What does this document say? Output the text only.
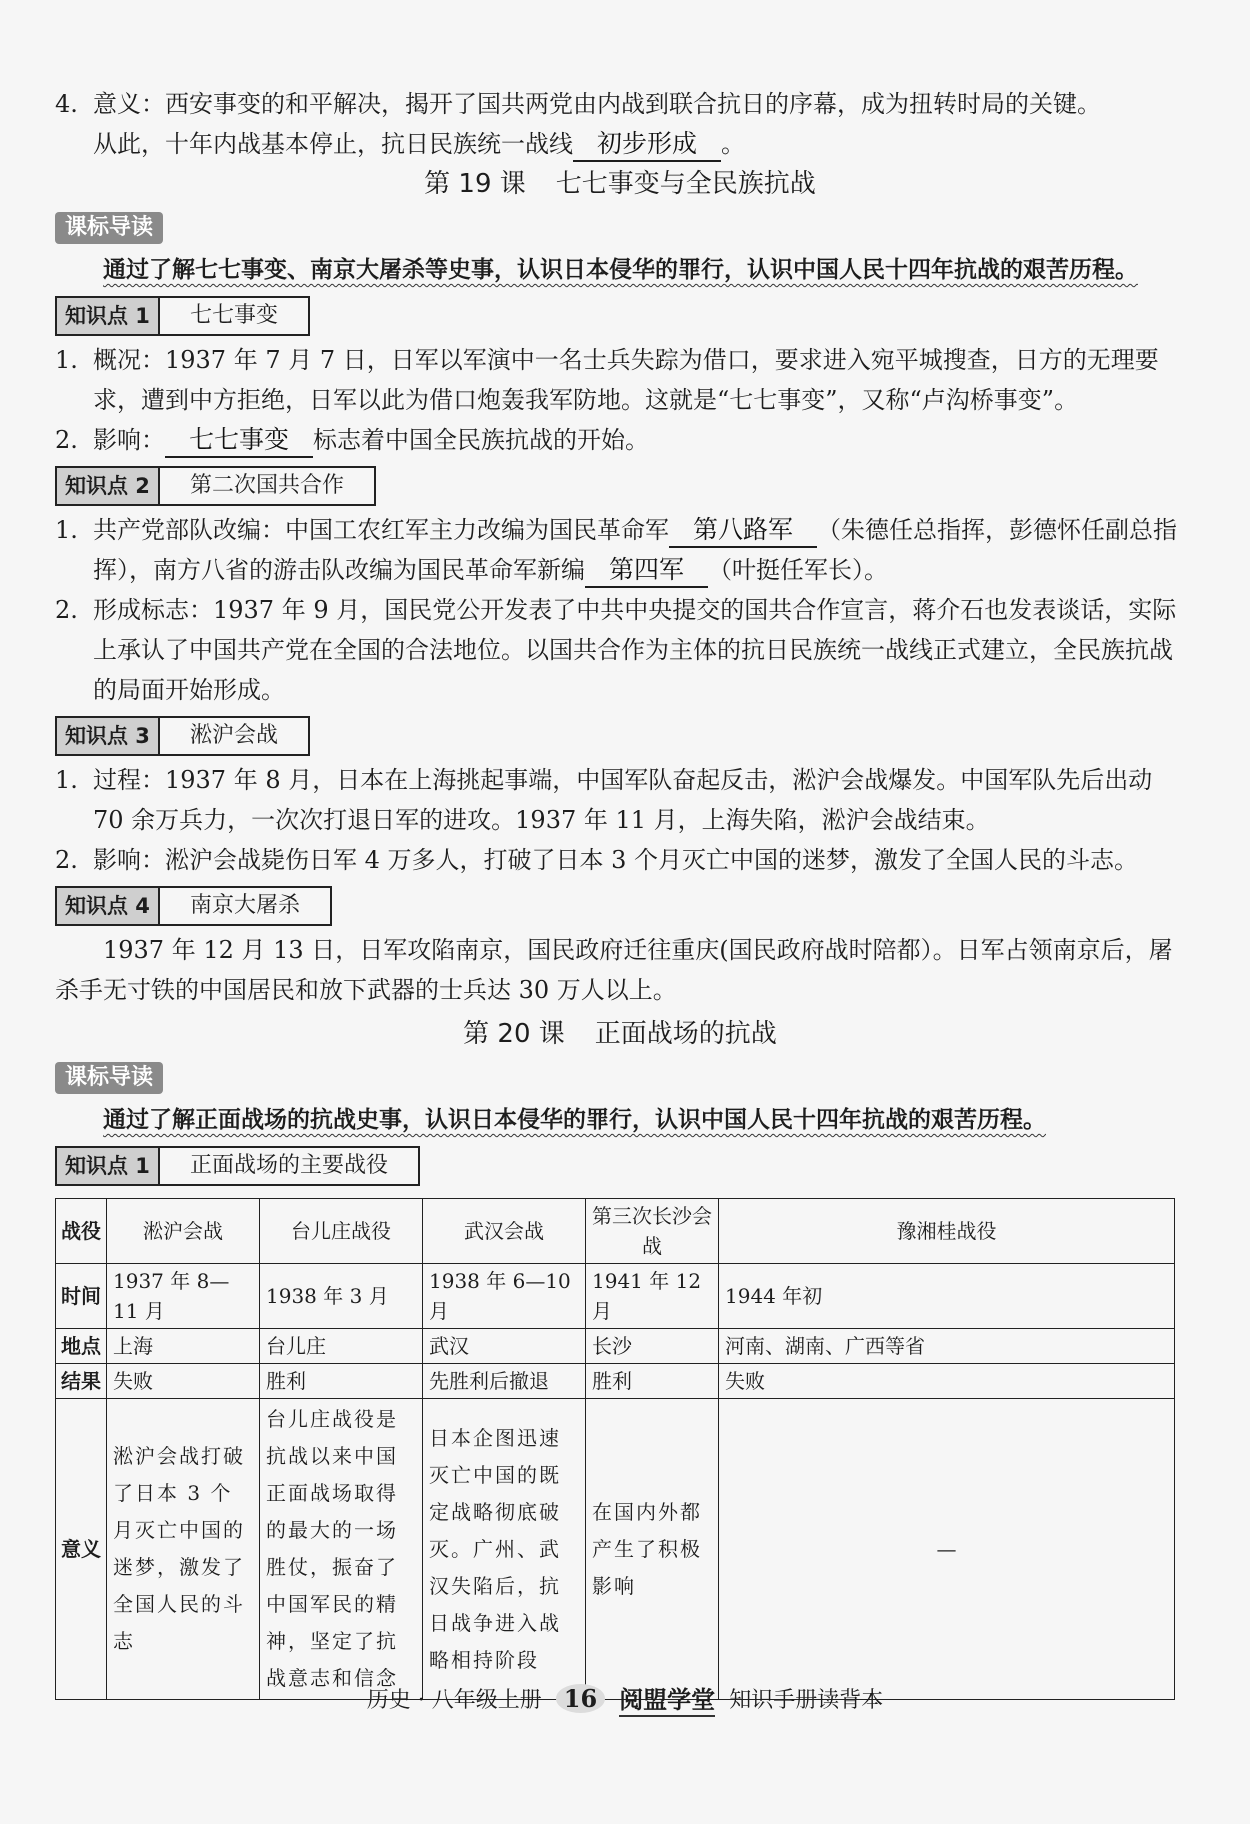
4. 意义：西安事变的和平解决，揭开了国共两党由内战到联合抗日的序幕，成为扭转时局的关键。
从此，十年内战基本停止，抗日民族统一战线 初步形成 。

第 19 课 七七事变与全民族抗战
课标导读

通过了解七七事变、南京大屠杀等史事，认识日本侵华的罪行，认识中国人民十四年抗战的艰苦历程。

知识点 1	七七事变
1. 概况：1937 年 7 月 7 日，日军以军演中一名士兵失踪为借口，要求进入宛平城搜查，日方的无理要求，遭到中方拒绝，日军以此为借口炮轰我军防地。这就是“七七事变”，又称“卢沟桥事变”。

2. 影响： 七七事变 标志着中国全民族抗战的开始。

知识点 2	第二次国共合作
1. 共产党部队改编：中国工农红军主力改编为国民革命军 第八路军 （朱德任总指挥，彭德怀任副总指挥），南方八省的游击队改编为国民革命军新编 第四军 （叶挺任军长）。

2. 形成标志：1937 年 9 月，国民党公开发表了中共中央提交的国共合作宣言，蒋介石也发表谈话，实际上承认了中国共产党在全国的合法地位。以国共合作为主体的抗日民族统一战线正式建立，全民族抗战的局面开始形成。

知识点 3	淞沪会战
1. 过程：1937 年 8 月，日本在上海挑起事端，中国军队奋起反击，淞沪会战爆发。中国军队先后出动 70 余万兵力，一次次打退日军的进攻。1937 年 11 月，上海失陷，淞沪会战结束。

2. 影响：淞沪会战毙伤日军 4 万多人，打破了日本 3 个月灭亡中国的迷梦，激发了全国人民的斗志。

知识点 4	南京大屠杀

1937 年 12 月 13 日，日军攻陷南京，国民政府迁往重庆(国民政府战时陪都）。日军占领南京后，屠杀手无寸铁的中国居民和放下武器的士兵达 30 万人以上。

第 20 课 正面战场的抗战
课标导读

通过了解正面战场的抗战史事，认识日本侵华的罪行，认识中国人民十四年抗战的艰苦历程。

知识点 1	正面战场的主要战役
战役	淞沪会战	台儿庄战役	武汉会战	第三次长沙会战	豫湘桂战役
时间	1937 年 8—11 月	1938 年 3 月	1938 年 6—10 月	1941 年 12 月	1944 年初
地点	上海	台儿庄	武汉	长沙	河南、湖南、广西等省
结果	失败	胜利	先胜利后撤退	胜利	失败
意义	淞沪会战打破了日本 3 个月灭亡中国的迷梦，激发了全国人民的斗志	台儿庄战役是抗战以来中国正面战场取得的最大的一场胜仗，振奋了中国军民的精神，坚定了抗战意志和信念	日本企图迅速灭亡中国的既定战略彻底破灭。广州、武汉失陷后，抗日战争进入战略相持阶段	在国内外都产生了积极影响	—
历史 · 八年级上册 16 阅盟学堂 知识手册读背本
